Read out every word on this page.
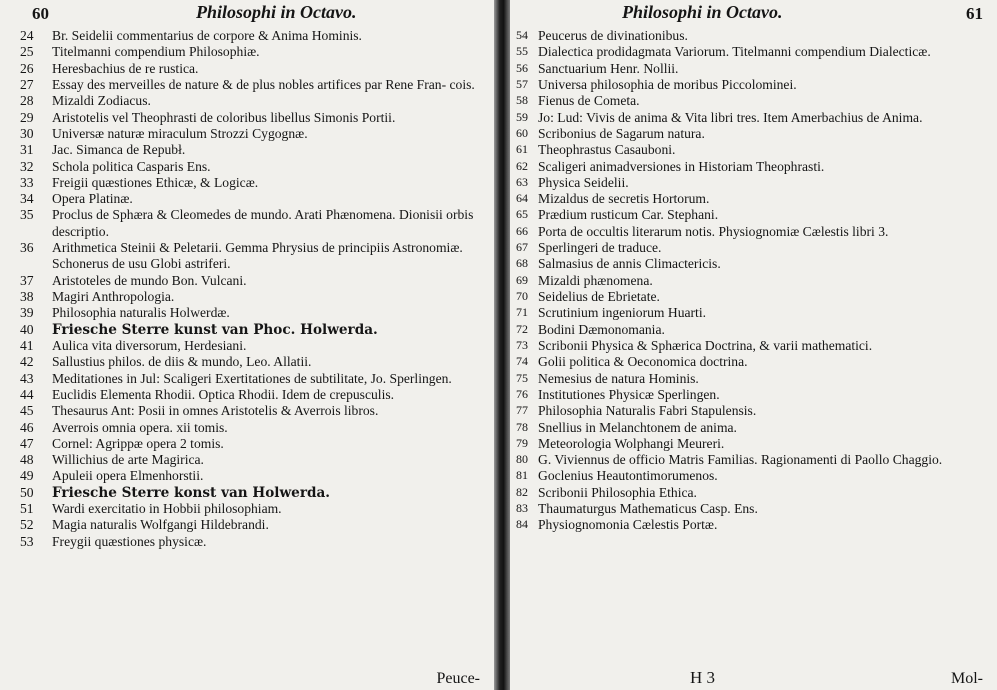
60	Philosophi in Octavo.
24	Br. Seidelii commentarius de corpore & Anima Hominis.
25	Titelmanni compendium Philosophiæ.
26	Heresbachius de re rustica.
27	Essay des merveilles de nature & de plus nobles artifices par Rene Fran- cois.
28	Mizaldi Zodiacus.
29	Aristotelis vel Theophrasti de coloribus libellus Simonis Portii.
30	Universæ naturæ miraculum Strozzi Cygognæ.
31	Jac. Simanca de Repubł.
32	Schola politica Casparis Ens.
33	Freigii quæstiones Ethicæ, & Logicæ.
34	Opera Platinæ.
35	Proclus de Sphæra & Cleomedes de mundo. Arati Phænomena. Dionisii orbis descriptio.
36	Arithmetica Steinii & Peletarii. Gemma Phrysius de principiis Astronomiæ. Schonerus de usu Globi astriferi.
37	Aristoteles de mundo Bon. Vulcani.
38	Magiri Anthropologia.
39	Philosophia naturalis Holwerdæ.
40	Friesche Sterre kunst van Phoc. Holwerda.
41	Aulica vita diversorum, Herdesiani.
42	Sallustius philos. de diis & mundo, Leo. Allatii.
43	Meditationes in Jul: Scaligeri Exertitationes de subtilitate, Jo. Sperlingen.
44	Euclidis Elementa Rhodii. Optica Rhodii. Idem de crepusculis.
45	Thesaurus Ant: Posii in omnes Aristotelis & Averrois libros.
46	Averrois omnia opera. xii tomis.
47	Cornel: Agrippæ opera 2 tomis.
48	Willichius de arte Magirica.
49	Apuleii opera Elmenhorstii.
50	Friesche Sterre konst van Holwerda.
51	Wardi exercitatio in Hobbii philosophiam.
52	Magia naturalis Wolfgangi Hildebrandi.
53	Freygii quæstiones physicæ.
Peuce-
Philosophi in Octavo.	61
54 Peucerus de divinationibus.
55 Dialectica prodidagmata Variorum. Titelmanni compendium Dialecticæ.
56 Sanctuarium Henr. Nollii.
57 Universa philosophia de moribus Piccolominei.
58 Fienus de Cometa.
59 Jo: Lud: Vivis de anima & Vita libri tres. Item Amerbachius de Anima.
60 Scribonius de Sagarum natura.
61 Theophrastus Casauboni.
62 Scaligeri animadversiones in Historiam Theophrasti.
63 Physica Seidelii.
64 Mizaldus de secretis Hortorum.
65 Prædium rusticum Car. Stephani.
66 Porta de occultis literarum notis. Physiognomiæ Cælestis libri 3.
67 Sperlingeri de traduce.
68 Salmasius de annis Climactericis.
69 Mizaldi phænomena.
70 Seidelius de Ebrietate.
71 Scrutinium ingeniorum Huarti.
72 Bodini Dæmonomania.
73 Scribonii Physica & Sphærica Doctrina, & varii mathematici.
74 Golii politica & Oeconomica doctrina.
75 Nemesius de natura Hominis.
76 Institutiones Physicæ Sperlingen.
77 Philosophia Naturalis Fabri Stapulensis.
78 Snellius in Melanchtonem de anima.
79 Meteorologia Wolphangi Meureri.
80 G. Viviennus de officio Matris Familias. Ragionamenti di Paollo Chaggio.
81 Goclenius Heautontimorumenos.
82 Scribonii Philosophia Ethica.
83 Thaumaturgus Mathematicus Casp. Ens.
84 Physiognomonia Cælestis Portæ.
H 3	Mol-
